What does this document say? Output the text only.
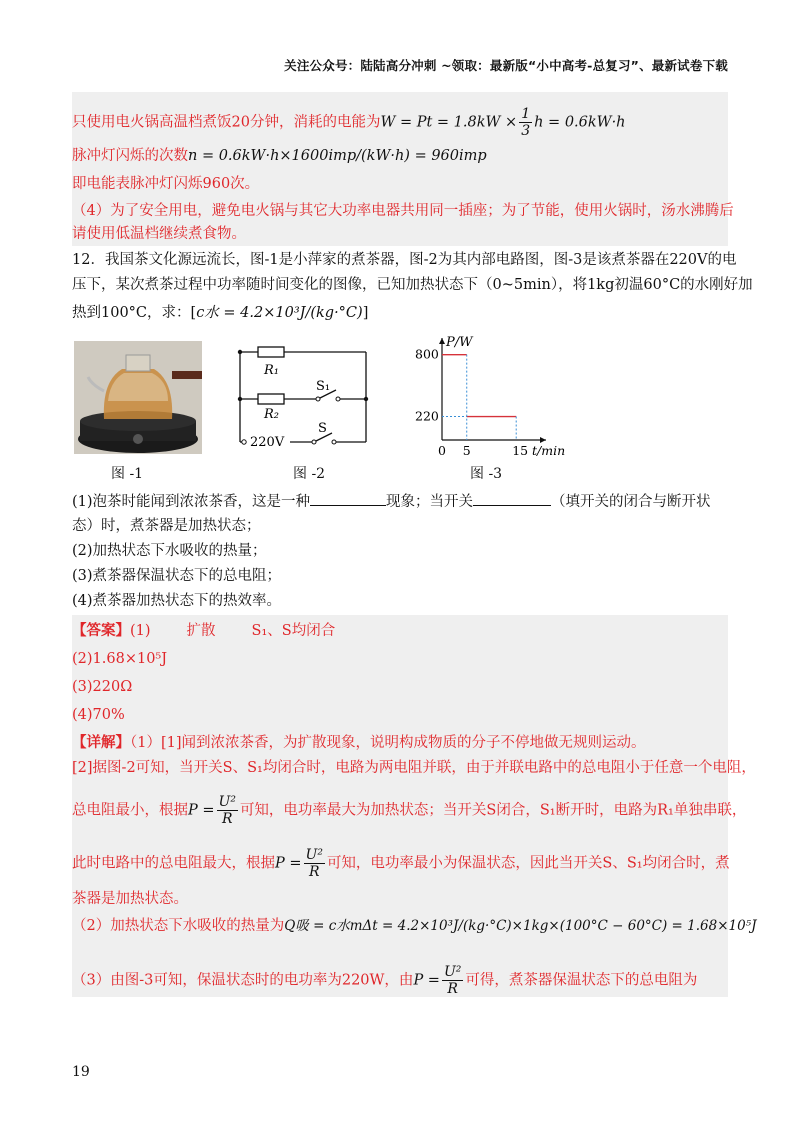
关注公众号：陆陆高分冲刺 ~领取：最新版“小中高考-总复习”、最新试卷下载
只使用电火锅高温档煮饭20分钟，消耗的电能为$W = Pt = 1.8kW \times \frac{1}{3}$ h = 0.6kW·h
脉冲灯闪烁的次数n = 0.6kW·h×1600imp/(kW·h) = 960imp
即电能表脉冲灯闪烁960次。
（4）为了安全用电，避免电火锅与其它大功率电器共用同一插座；为了节能，使用火锅时，汤水沸腾后
请使用低温档继续煮食物。
12．我国茶文化源远流长，图-1是小萍家的煮茶器，图-2为其内部电路图，图-3是该煮茶器在220V的电
压下，某次煮茶过程中功率随时间变化的图像，已知加热状态下（0~5min），将1kg初温60°C的水刚好加
热到100°C，求：[c水 = 4.2×10³J/(kg·°C)]
图 -1
R₁
R₂
S₁
S
220V
图 -2
0 5	15
800
220
P/W
t/min
图 -3
(1)泡茶时能闻到浓浓茶香，这是一种	现象；当开关	（填开关的闭合与断开状
态）时，煮茶器是加热状态；
(2)加热状态下水吸收的热量；
(3)煮茶器保温状态下的总电阻；
(4)煮茶器加热状态下的热效率。
【答案】(1) 扩散 S₁、S均闭合
(2)1.68×10⁵J
(3)220Ω
(4)70%
【详解】（1）[1]闻到浓浓茶香，为扩散现象，说明构成物质的分子不停地做无规则运动。
[2]据图-2可知，当开关S、S₁均闭合时，电路为两电阻并联，由于并联电路中的总电阻小于任意一个电阻，
总电阻最小，根据$P = \frac{\text{U²}}{R}$ 可知，电功率最大为加热状态；当开关S闭合，S₁断开时，电路为R₁单独串联，
此时电路中的总电阻最大，根据$P = \frac{\text{U²}}{R}$ 可知，电功率最小为保温状态，因此当开关S、S₁均闭合时，煮
茶器是加热状态。
（2）加热状态下水吸收的热量为Q吸 = c水mΔt = 4.2×10³J/(kg·°C)×1kg×(100°C − 60°C) = 1.68×10⁵J
（3）由图-3可知，保温状态时的电功率为220W，由$P = \frac{\text{U²}}{R}$ 可得，煮茶器保温状态下的总电阻为
19
